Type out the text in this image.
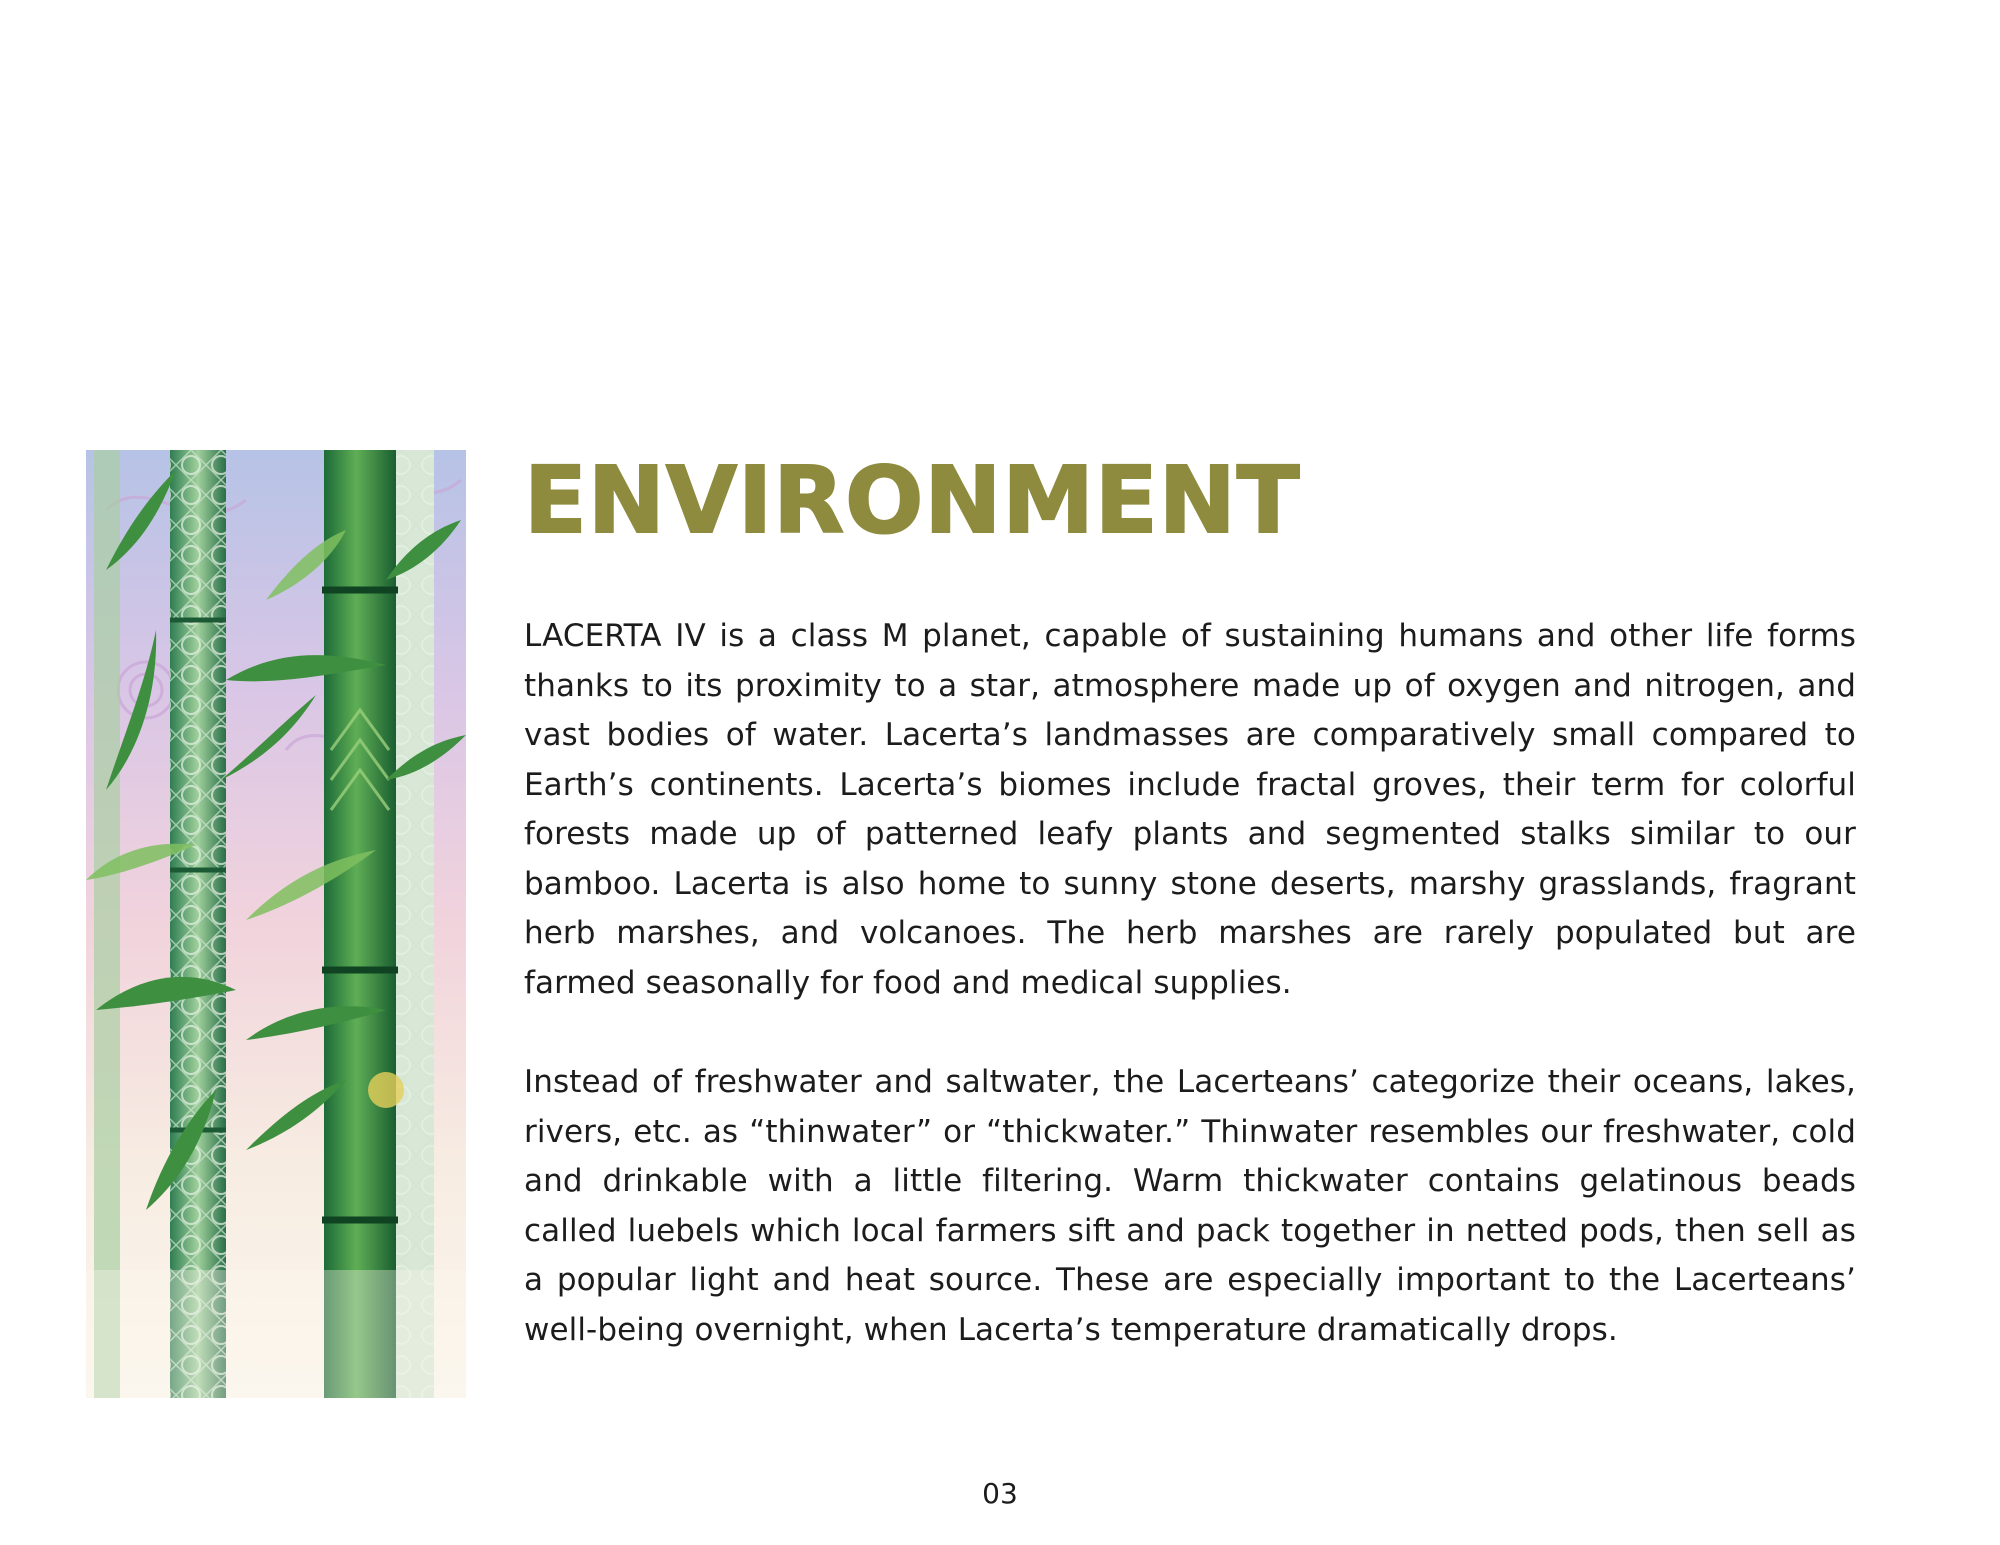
ENVIRONMENT

LACERTA IV is a class M planet, capable of sustaining humans and other life forms thanks to its proximity to a star, atmosphere made up of oxygen and nitrogen, and vast bodies of water. Lacerta’s landmasses are comparatively small compared to Earth’s continents. Lacerta’s biomes include fractal groves, their term for colorful forests made up of patterned leafy plants and segmented stalks similar to our bamboo. Lacerta is also home to sunny stone deserts, marshy grasslands, fragrant herb marshes, and volcanoes. The herb marshes are rarely populated but are farmed seasonally for food and medical supplies.

Instead of freshwater and saltwater, the Lacerteans’ categorize their oceans, lakes, rivers, etc. as “thinwater” or “thickwater.” Thinwater resembles our freshwater, cold and drinkable with a little filtering. Warm thickwater contains gelatinous beads called luebels which local farmers sift and pack together in netted pods, then sell as a popular light and heat source. These are especially important to the Lacerteans’ well-being overnight, when Lacerta’s temperature dramatically drops.

03
